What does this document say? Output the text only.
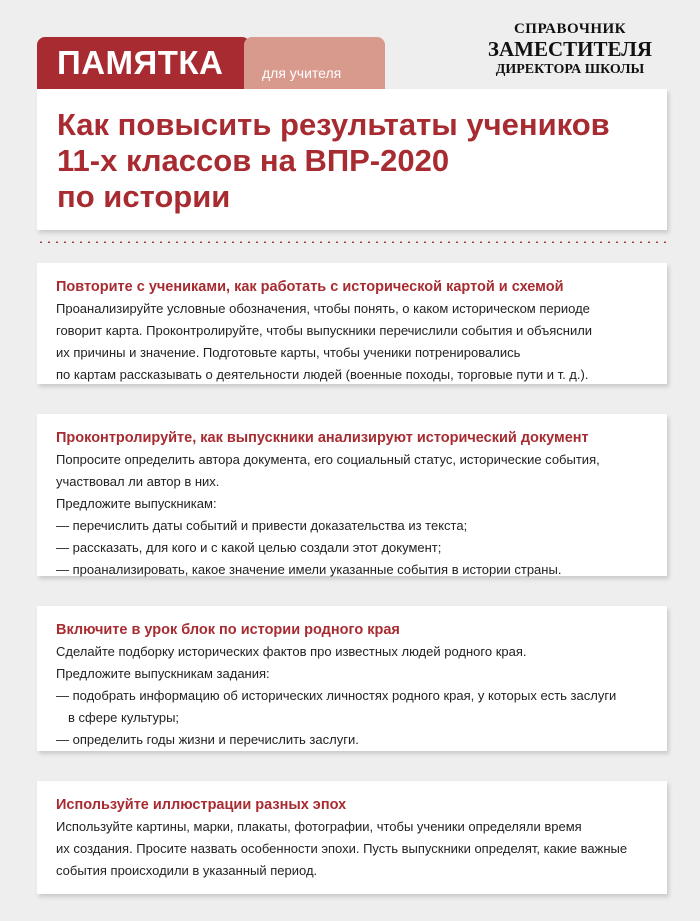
ПАМЯТКА	для учителя
СПРАВОЧНИК
ЗАМЕСТИТЕЛЯ
ДИРЕКТОРА ШКОЛЫ
Как повысить результаты учеников
11-х классов на ВПР-2020
по истории
Повторите с учениками, как работать с исторической картой и схемой

Проанализируйте условные обозначения, чтобы понять, о каком историческом периоде

говорит карта. Проконтролируйте, чтобы выпускники перечислили события и объяснили

их причины и значение. Подготовьте карты, чтобы ученики потренировались

по картам рассказывать о деятельности людей (военные походы, торговые пути и т. д.).

Проконтролируйте, как выпускники анализируют исторический документ

Попросите определить автора документа, его социальный статус, исторические события,

участвовал ли автор в них.

Предложите выпускникам:

— перечислить даты событий и привести доказательства из текста;

— рассказать, для кого и с какой целью создали этот документ;

— проанализировать, какое значение имели указанные события в истории страны.

Включите в урок блок по истории родного края

Сделайте подборку исторических фактов про известных людей родного края.

Предложите выпускникам задания:

— подобрать информацию об исторических личностях родного края, у которых есть заслуги

в сфере культуры;

— определить годы жизни и перечислить заслуги.

Используйте иллюстрации разных эпох

Используйте картины, марки, плакаты, фотографии, чтобы ученики определяли время

их создания. Просите назвать особенности эпохи. Пусть выпускники определят, какие важные

события происходили в указанный период.
